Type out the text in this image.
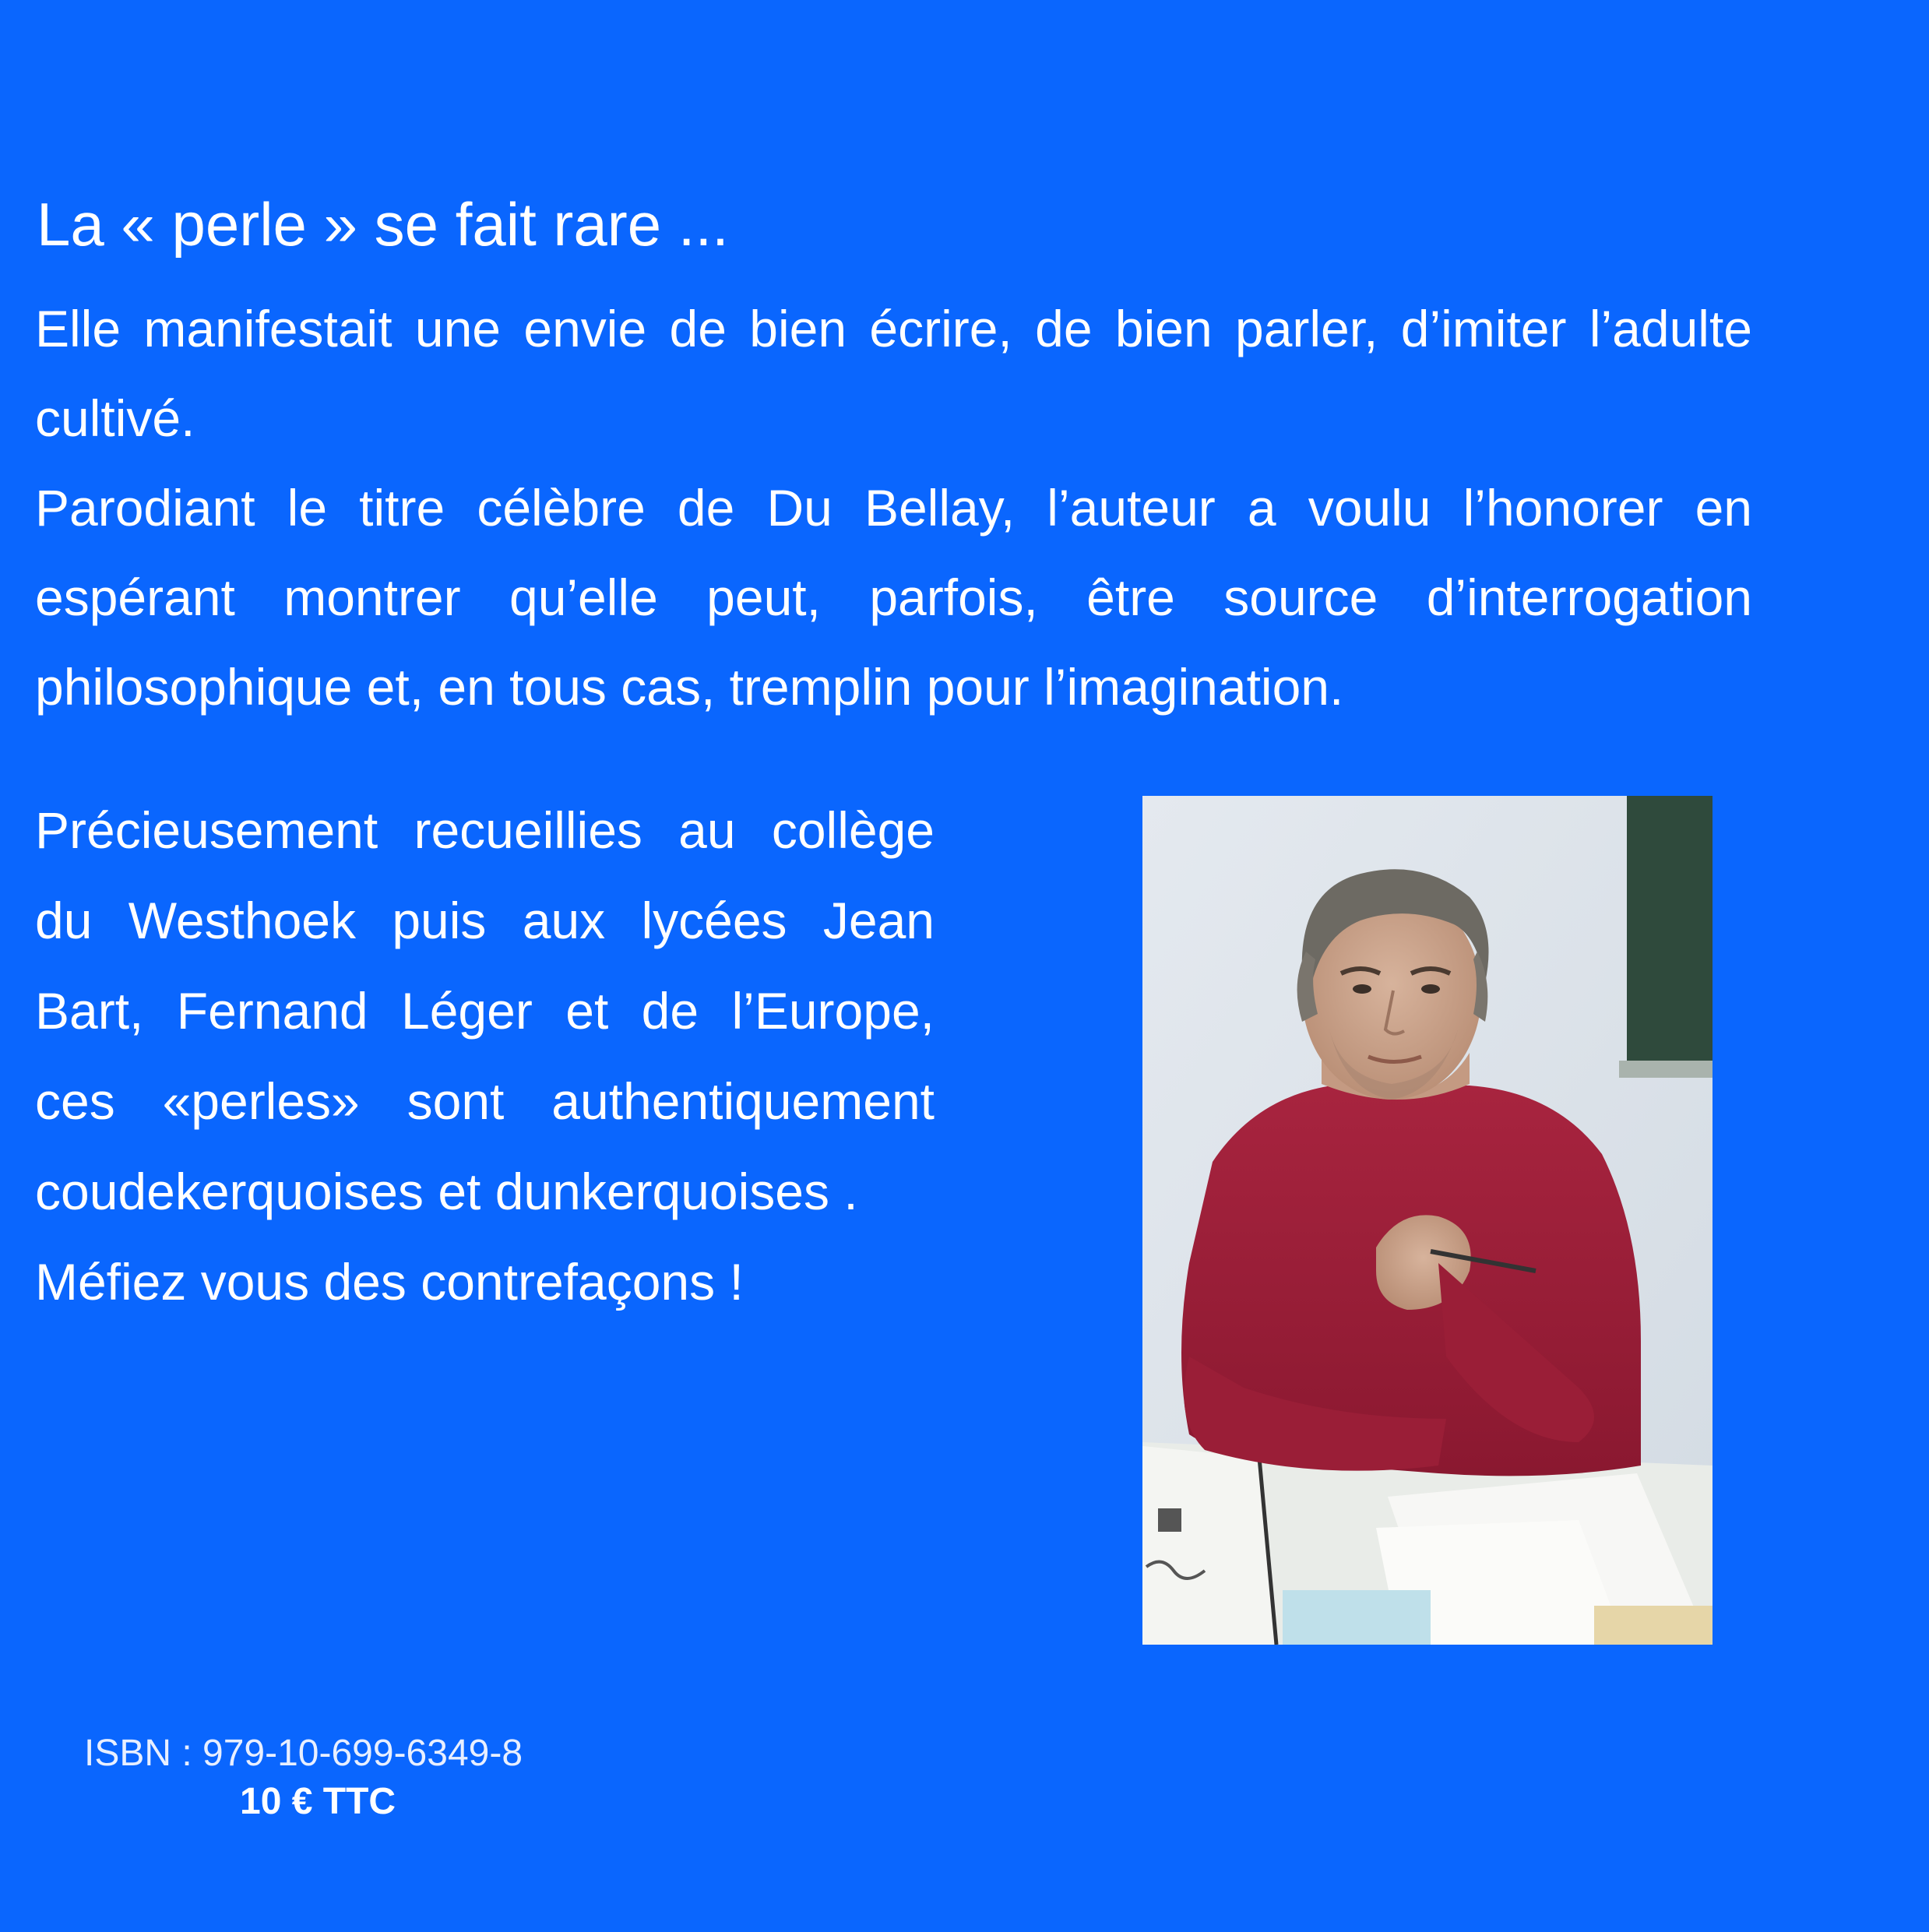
La « perle » se fait rare ...

Elle manifestait une envie de bien écrire, de bien parler, d’imiter l’adulte cultivé.

Parodiant le titre célèbre de Du Bellay, l’auteur a voulu l’honorer en espérant montrer qu’elle peut, parfois, être source d’interrogation philosophique et, en tous cas, tremplin pour l’imagination.

Précieusement recueillies au collège du Westhoek puis aux lycées Jean Bart, Fernand Léger et de l’Europe, ces «perles» sont authentiquement coudekerquoises et dunkerquoises .

Méfiez vous des contrefaçons !

ISBN : 979-10-699-6349-8
10 € TTC
